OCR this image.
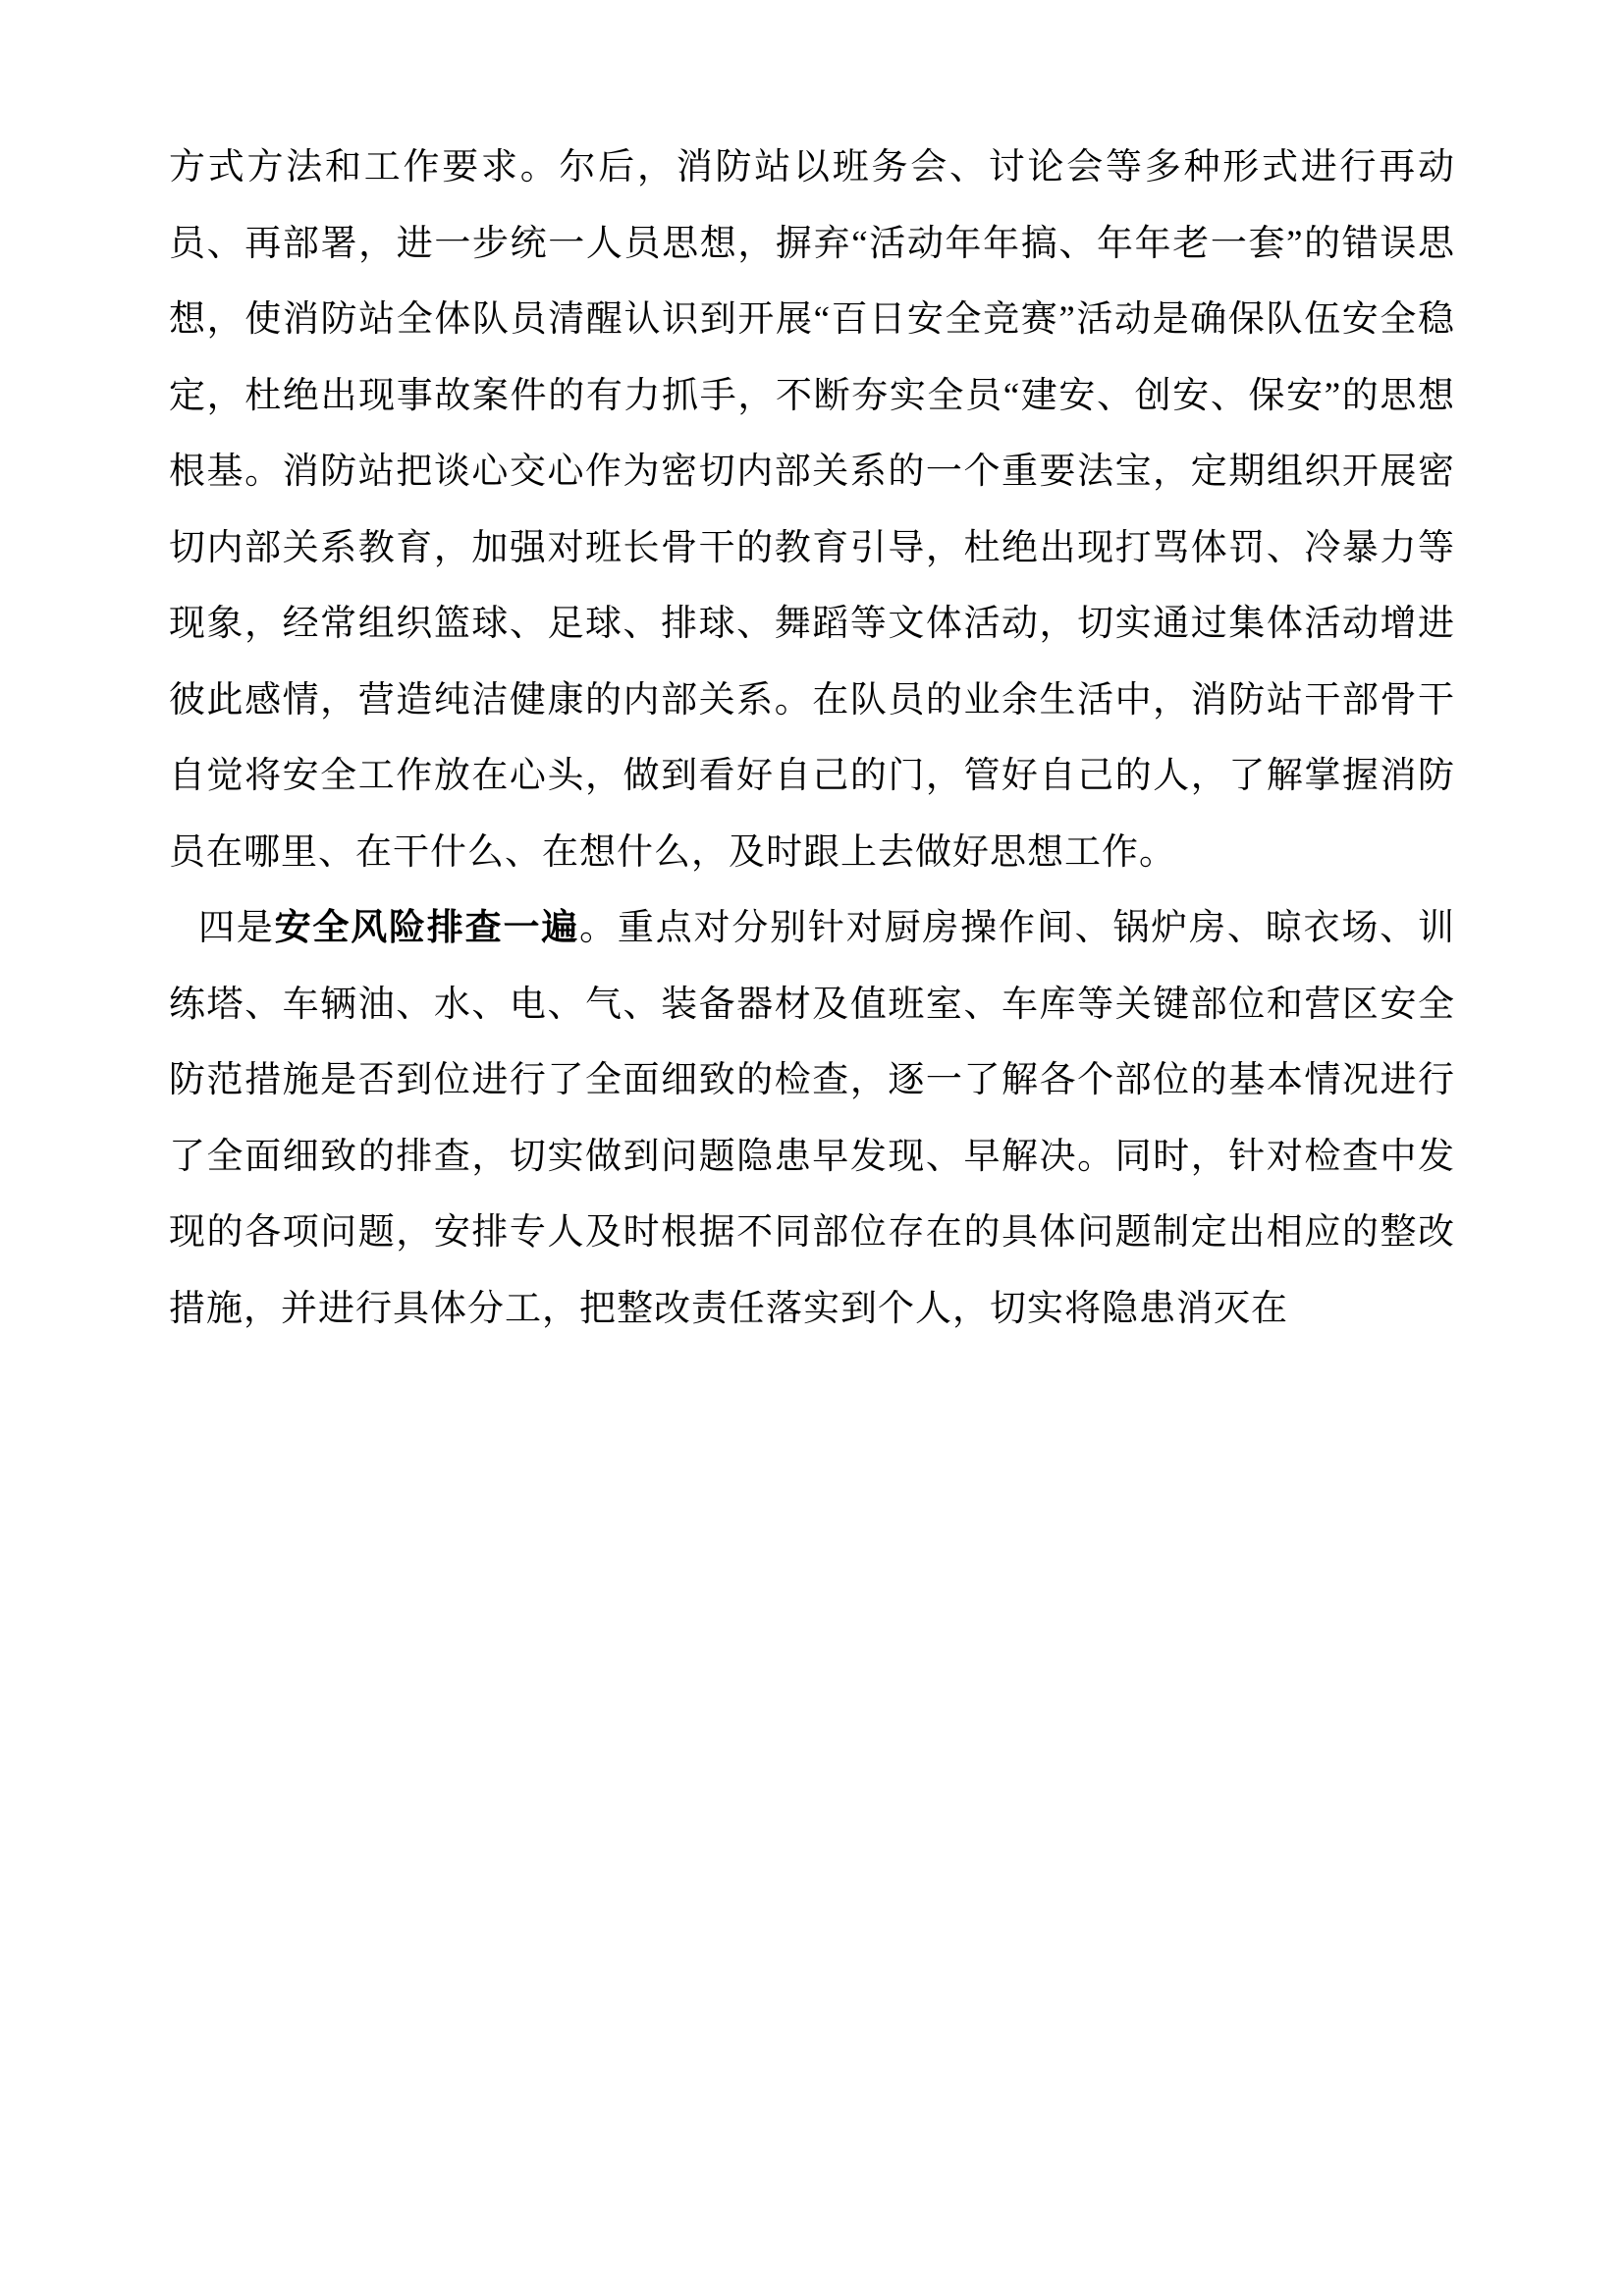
方式方法和工作要求。尔后，消防站以班务会、讨论会等多种形式进行再动员、再部署，进一步统一人员思想，摒弃“活动年年搞、年年老一套”的错误思想，使消防站全体队员清醒认识到开展“百日安全竞赛”活动是确保队伍安全稳定，杜绝出现事故案件的有力抓手，不断夯实全员“建安、创安、保安”的思想根基。消防站把谈心交心作为密切内部关系的一个重要法宝，定期组织开展密切内部关系教育，加强对班长骨干的教育引导，杜绝出现打骂体罚、冷暴力等现象，经常组织篮球、足球、排球、舞蹈等文体活动，切实通过集体活动增进彼此感情，营造纯洁健康的内部关系。在队员的业余生活中，消防站干部骨干自觉将安全工作放在心头，做到看好自己的门，管好自己的人，了解掌握消防员在哪里、在干什么、在想什么，及时跟上去做好思想工作。

四是安全风险排查一遍。重点对分别针对厨房操作间、锅炉房、晾衣场、训练塔、车辆油、水、电、气、装备器材及值班室、车库等关键部位和营区安全防范措施是否到位进行了全面细致的检查，逐一了解各个部位的基本情况进行了全面细致的排查，切实做到问题隐患早发现、早解决。同时，针对检查中发现的各项问题，安排专人及时根据不同部位存在的具体问题制定出相应的整改措施，并进行具体分工，把整改责任落实到个人，切实将隐患消灭在
